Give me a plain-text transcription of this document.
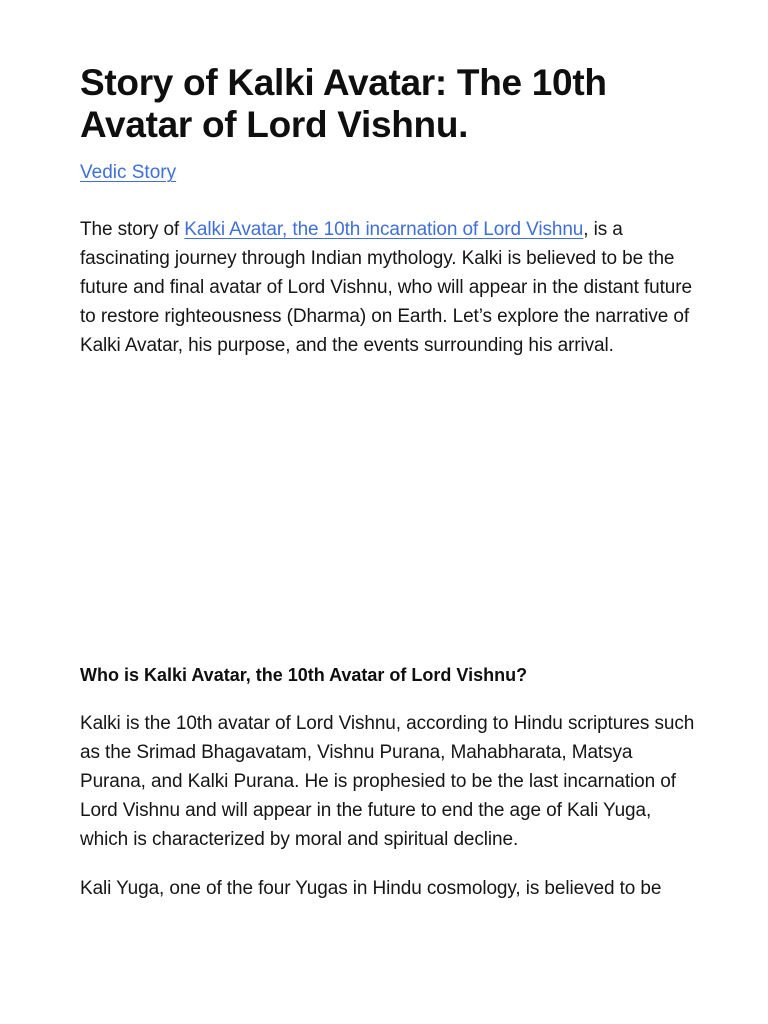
Story of Kalki Avatar: The 10th Avatar of Lord Vishnu.
Vedic Story

The story of Kalki Avatar, the 10th incarnation of Lord Vishnu, is a fascinating journey through Indian mythology. Kalki is believed to be the future and final avatar of Lord Vishnu, who will appear in the distant future to restore righteousness (Dharma) on Earth. Let’s explore the narrative of Kalki Avatar, his purpose, and the events surrounding his arrival.

Who is Kalki Avatar, the 10th Avatar of Lord Vishnu?

Kalki is the 10th avatar of Lord Vishnu, according to Hindu scriptures such as the Srimad Bhagavatam, Vishnu Purana, Mahabharata, Matsya Purana, and Kalki Purana. He is prophesied to be the last incarnation of Lord Vishnu and will appear in the future to end the age of Kali Yuga, which is characterized by moral and spiritual decline.

Kali Yuga, one of the four Yugas in Hindu cosmology, is believed to be
